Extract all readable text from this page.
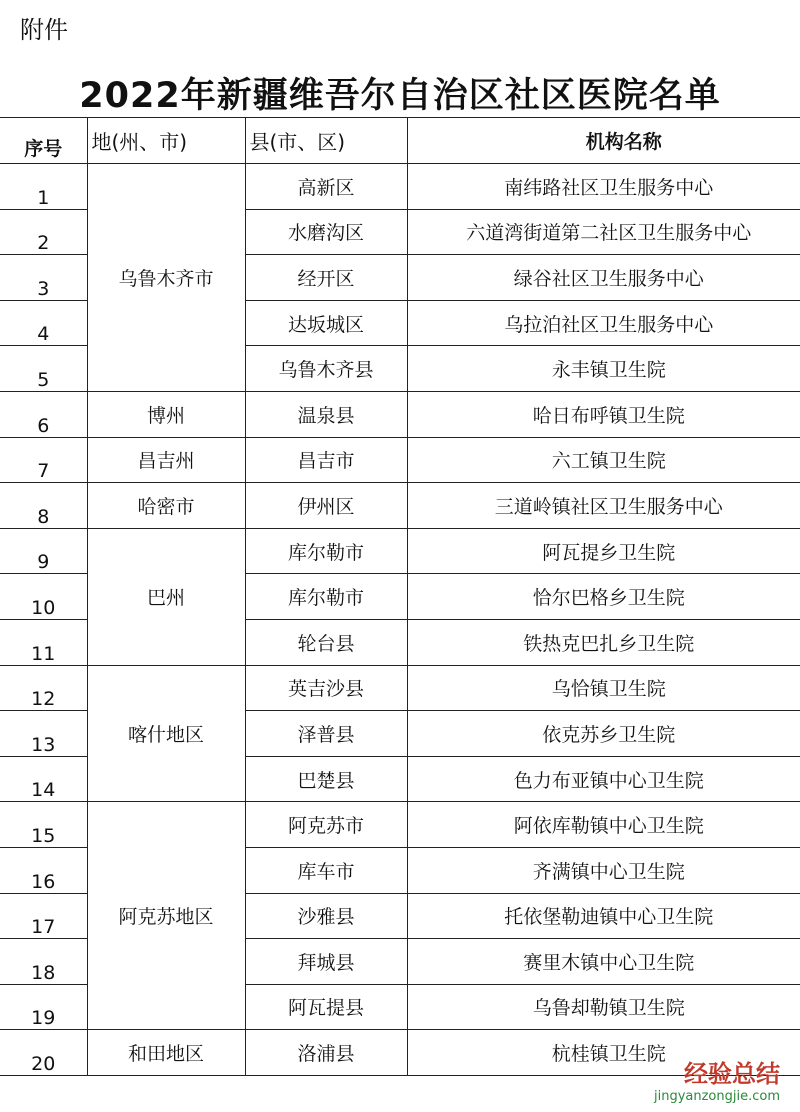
附件
2022年新疆维吾尔自治区社区医院名单
序号	地(州、市)	县(市、区)	机构名称
1	乌鲁木齐市	高新区	南纬路社区卫生服务中心
2		水磨沟区	六道湾街道第二社区卫生服务中心
3		经开区	绿谷社区卫生服务中心
4		达坂城区	乌拉泊社区卫生服务中心
5		乌鲁木齐县	永丰镇卫生院
6	博州	温泉县	哈日布呼镇卫生院
7	昌吉州	昌吉市	六工镇卫生院
8	哈密市	伊州区	三道岭镇社区卫生服务中心
9	巴州	库尔勒市	阿瓦提乡卫生院
10		库尔勒市	恰尔巴格乡卫生院
11		轮台县	铁热克巴扎乡卫生院
12	喀什地区	英吉沙县	乌恰镇卫生院
13		泽普县	依克苏乡卫生院
14		巴楚县	色力布亚镇中心卫生院
15	阿克苏地区	阿克苏市	阿依库勒镇中心卫生院
16		库车市	齐满镇中心卫生院
17		沙雅县	托依堡勒迪镇中心卫生院
18		拜城县	赛里木镇中心卫生院
19		阿瓦提县	乌鲁却勒镇卫生院
20	和田地区	洛浦县	杭桂镇卫生院
经验总结
jingyanzongjie.com
